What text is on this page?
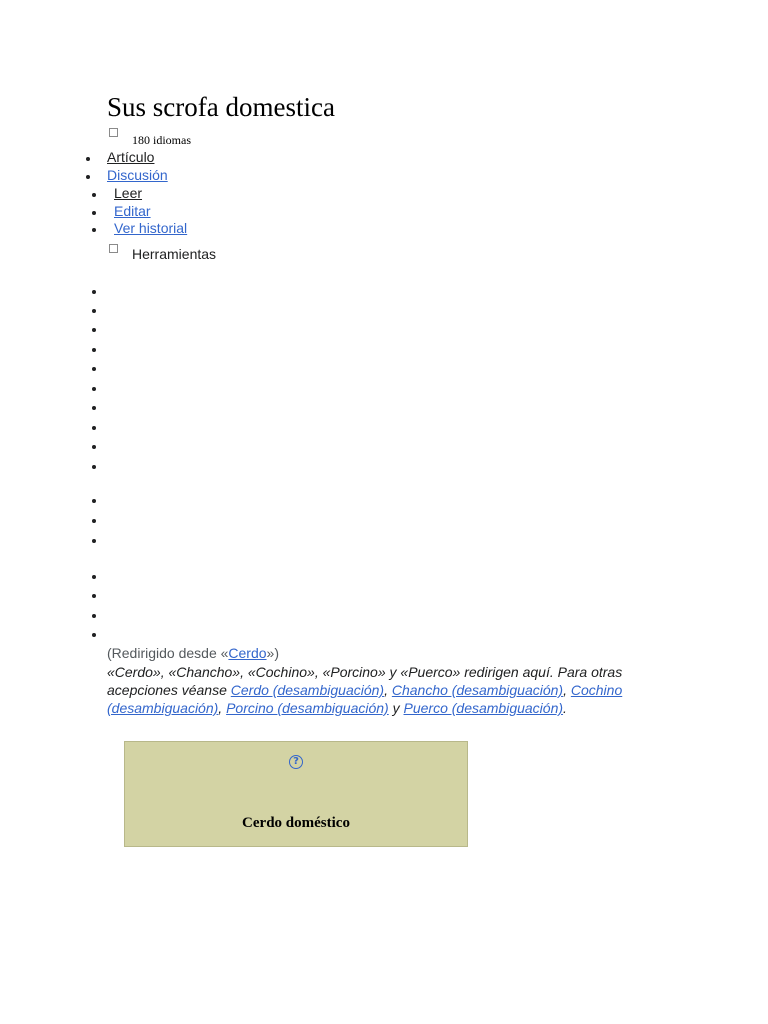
Sus scrofa domestica
180 idiomas
Artículo
Discusión
Leer
Editar
Ver historial
Herramientas
(Redirigido desde «Cerdo»)
«Cerdo», «Chancho», «Cochino», «Porcino» y «Puerco» redirigen aquí. Para otras acepciones véanse Cerdo (desambiguación), Chancho (desambiguación), Cochino (desambiguación), Porcino (desambiguación) y Puerco (desambiguación).
?
Cerdo doméstico
